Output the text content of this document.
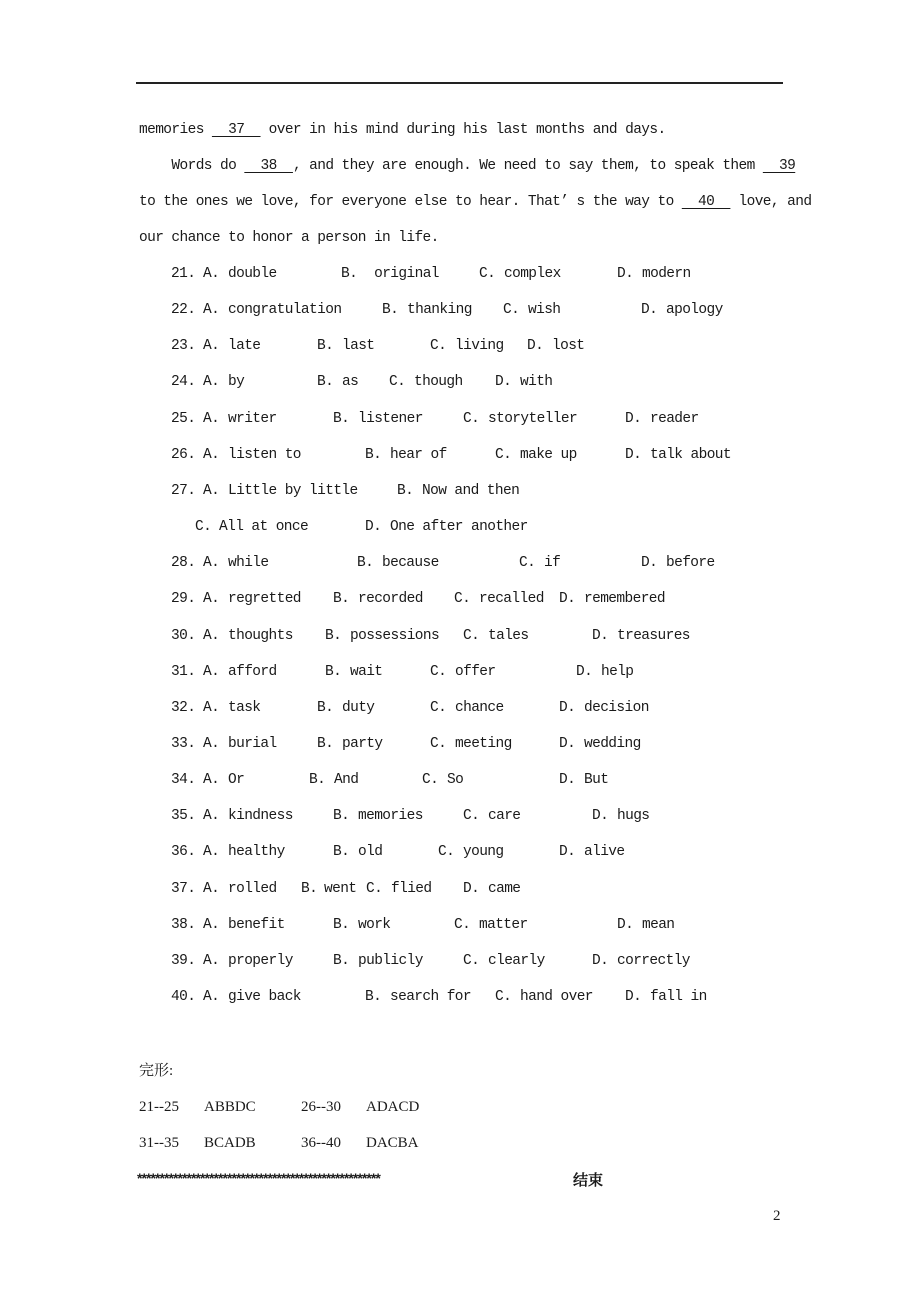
memories   37   over in his mind during his last months and days.
Words do   38  , and they are enough. We need to say them, to speak them   39
to the ones we love, for everyone else to hear. That’ s the way to   40   love, and
our chance to honor a person in life.
21. A. double	B. original	C. complex	D. modern
22. A. congratulation	B. thanking C. wish	D. apology
23. A. late	B. last	C. living D. lost
24. A. by	B. as C. though D. with
25. A. writer	B. listener	C. storyteller	D. reader
26. A. listen to	B. hear of	C. make up	D. talk about
27. A. Little by little	B. Now and then
C. All at once	D. One after another
28. A. while	B. because	C. if	D. before
29. A. regretted B. recorded C. recalled D. remembered
30. A. thoughts B. possessions C. tales	D. treasures
31. A. afford	B. wait	C. offer	D. help
32. A. task	B. duty	C. chance	D. decision
33. A. burial	B. party	C. meeting	D. wedding
34. A. Or	B. And	C. So	D. But
35. A. kindness	B. memories	C. care	D. hugs
36. A. healthy	B. old	C. young	D. alive
37. A. rolled B. went C. flied D. came
38. A. benefit	B. work	C. matter	D. mean
39. A. properly	B. publicly	C. clearly	D. correctly
40. A. give back	B. search for C. hand over D. fall in
完形:
21--25 ABBDC	26--30 ADACD
31--35 BCADB	36--40 DACBA
******************************************************	结束
2
